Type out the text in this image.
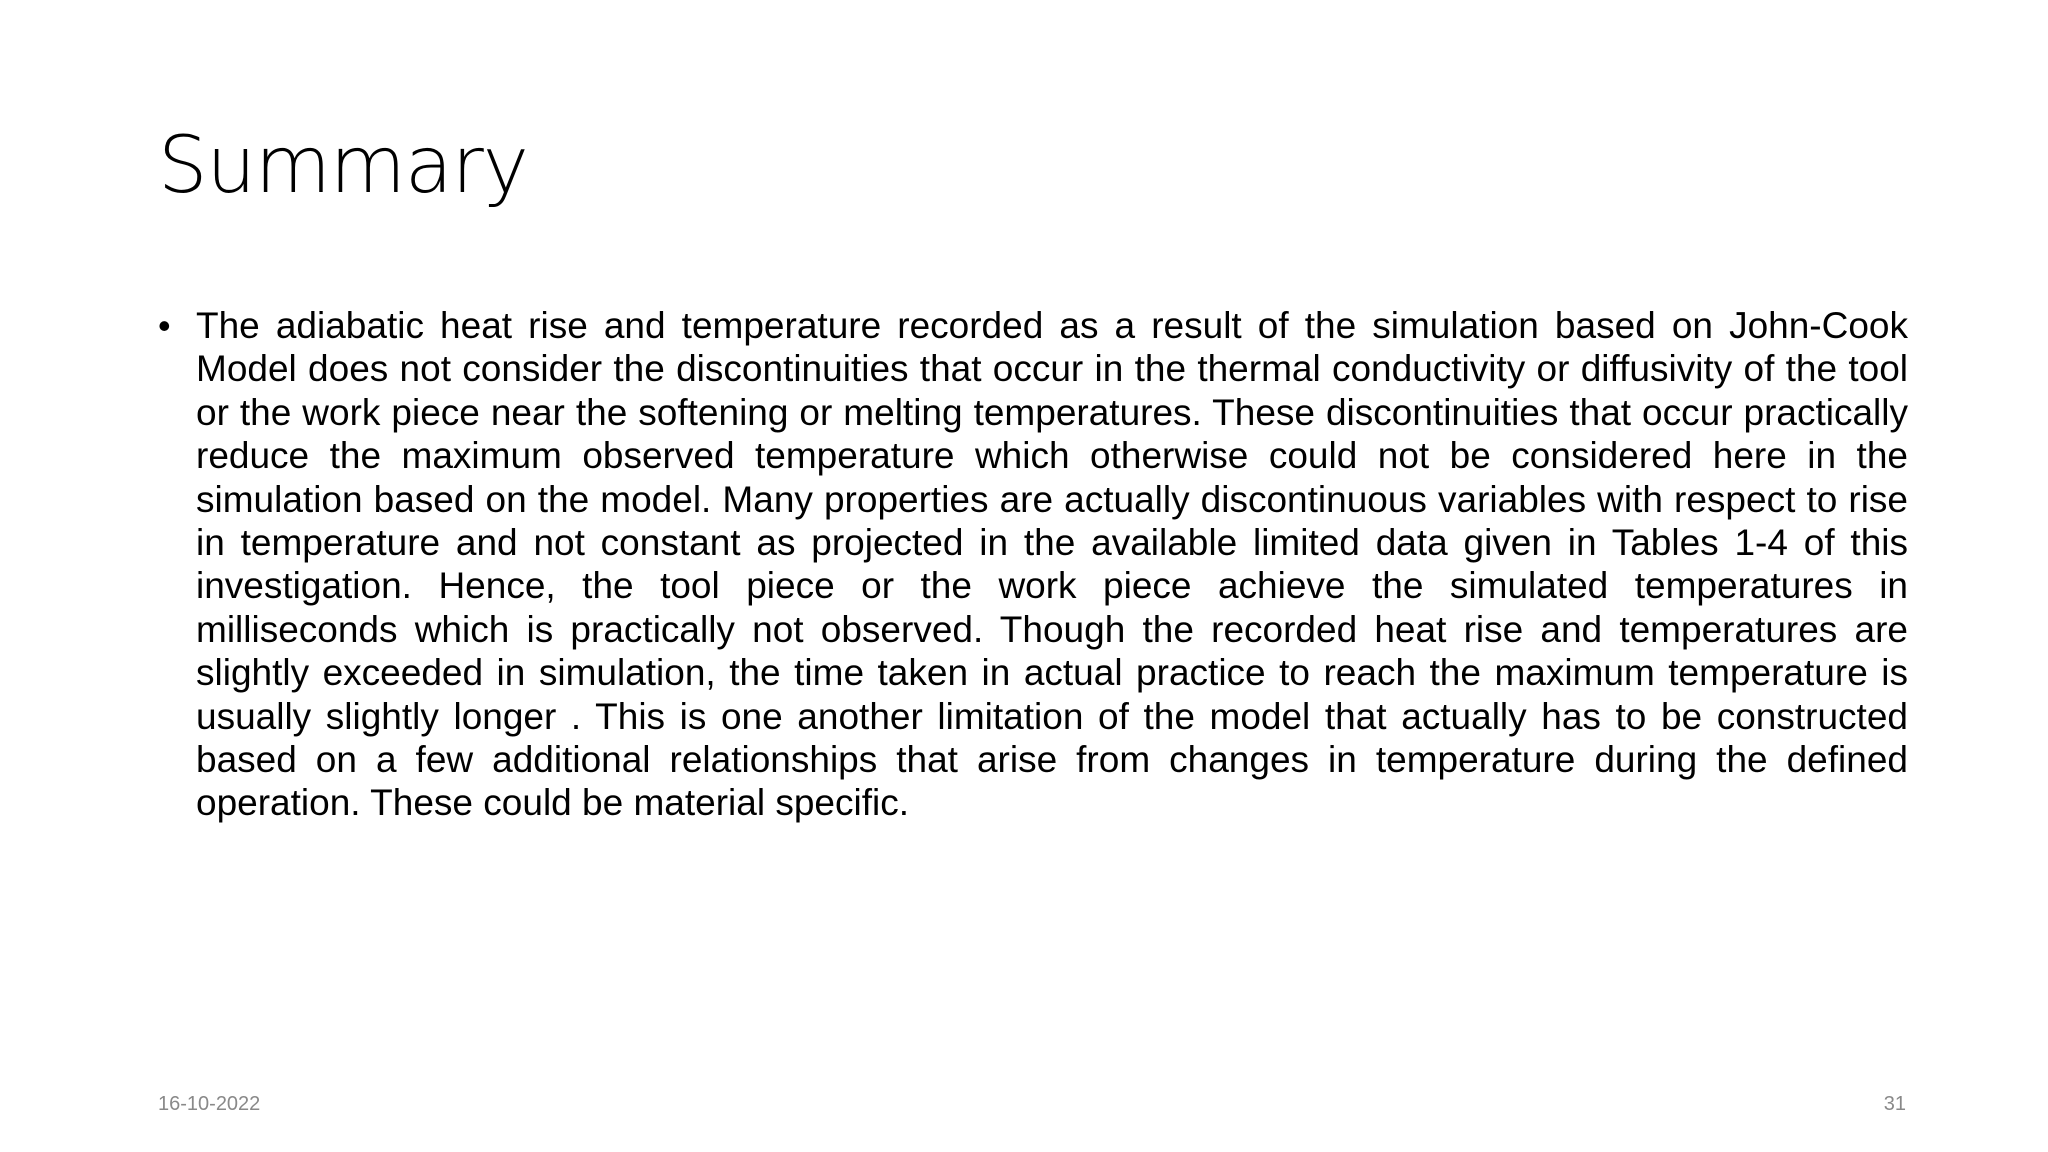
Summary
• The adiabatic heat rise and temperature recorded as a result of the simulation based on John-Cook Model does not consider the discontinuities that occur in the thermal conductivity or diffusivity of the tool or the work piece near the softening or melting temperatures. These discontinuities that occur practically reduce the maximum observed temperature which otherwise could not be considered here in the simulation based on the model. Many properties are actually discontinuous variables with respect to rise in temperature and not constant as projected in the available limited data given in Tables 1-4 of this investigation. Hence, the tool piece or the work piece achieve the simulated temperatures in milliseconds which is practically not observed. Though the recorded heat rise and temperatures are slightly exceeded in simulation, the time taken in actual practice to reach the maximum temperature is usually slightly longer . This is one another limitation of the model that actually has to be constructed based on a few additional relationships that arise from changes in temperature during the defined operation. These could be material specific.
16-10-2022	31
